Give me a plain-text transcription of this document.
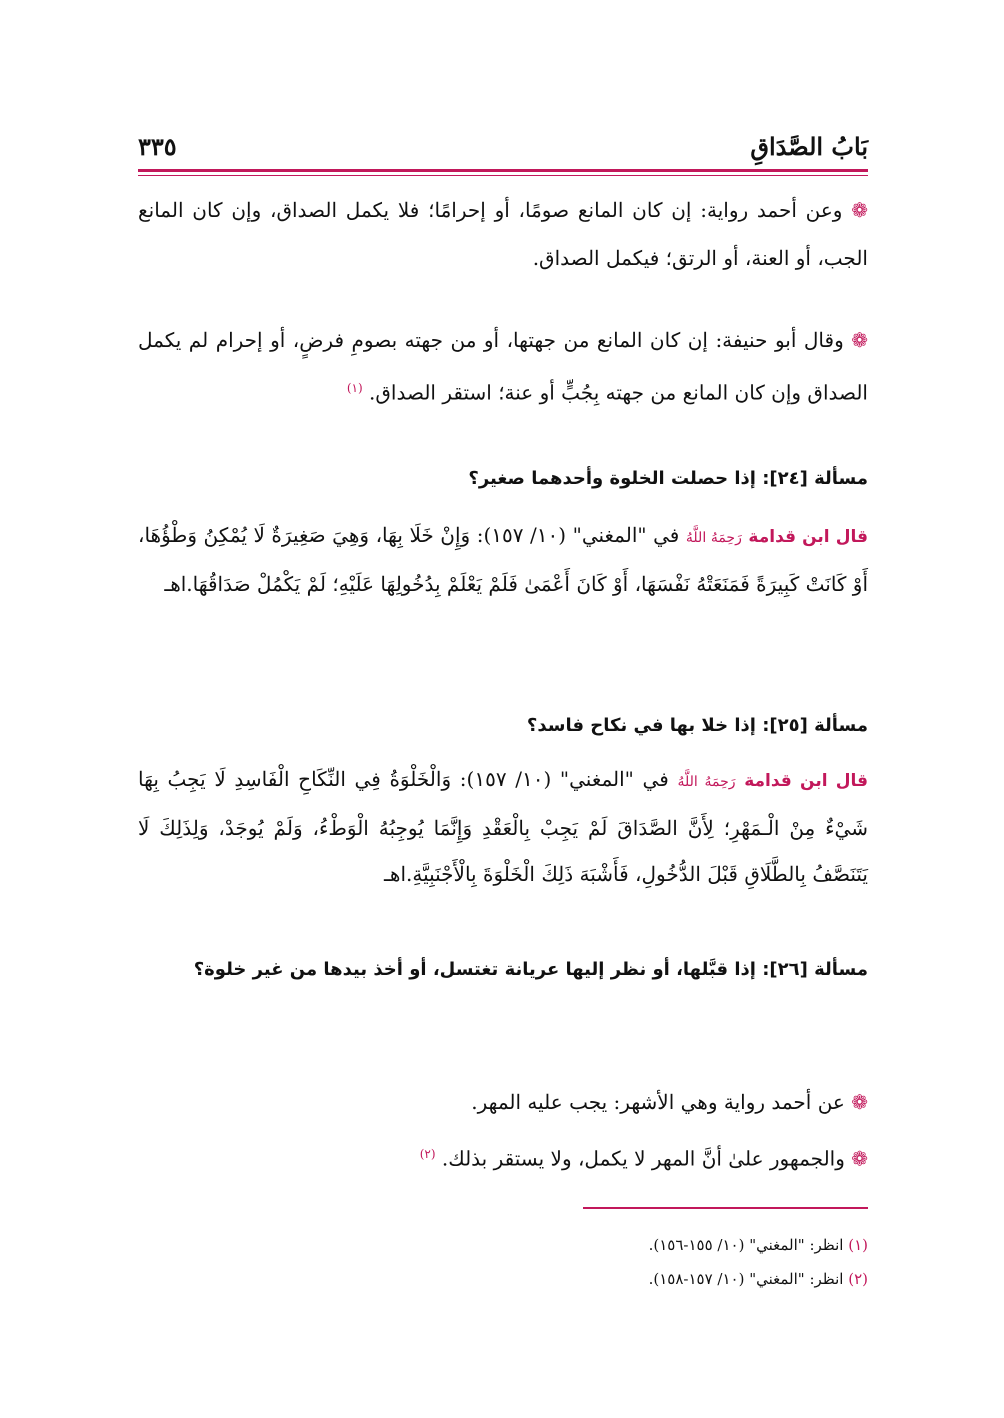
بَابُ الصَّدَاقِ
٣٣٥
❁ وعن أحمد رواية: إن كان المانع صومًا، أو إحرامًا؛ فلا يكمل الصداق، وإن كان المانع الجب، أو العنة، أو الرتق؛ فيكمل الصداق.
❁ وقال أبو حنيفة: إن كان المانع من جهتها، أو من جهته بصومِ فرضٍ، أو إحرام لم يكمل الصداق وإن كان المانع من جهته بِجُبٍّ أو عنة؛ استقر الصداق. $^{(١)}$
مسألة [٢٤]: إذا حصلت الخلوة وأحدهما صغير؟
قال ابن قدامة رَحِمَهُ اللَّهُ في "المغني" (١٠/ ١٥٧): وَإِنْ خَلَا بِهَا، وَهِيَ صَغِيرَةٌ لَا يُمْكِنُ وَطْؤُهَا، أَوْ كَانَتْ كَبِيرَةً فَمَنَعَتْهُ نَفْسَهَا، أَوْ كَانَ أَعْمَىٰ فَلَمْ يَعْلَمْ بِدُخُولِهَا عَلَيْهِ؛ لَمْ يَكْمُلْ صَدَاقُهَا.اهـ
مسألة [٢٥]: إذا خلا بها في نكاح فاسد؟
قال ابن قدامة رَحِمَهُ اللَّهُ في "المغني" (١٠/ ١٥٧): وَالْخَلْوَةُ فِي النِّكَاحِ الْفَاسِدِ لَا يَجِبُ بِهَا شَيْءٌ مِنْ الْـمَهْرِ؛ لِأَنَّ الصَّدَاقَ لَمْ يَجِبْ بِالْعَقْدِ وَإِنَّمَا يُوجِبُهُ الْوَطْءُ، وَلَمْ يُوجَدْ، وَلِذَلِكَ لَا يَتَنَصَّفُ بِالطَّلَاقِ قَبْلَ الدُّخُولِ، فَأَشْبَهَ ذَلِكَ الْخَلْوَةَ بِالْأَجْنَبِيَّةِ.اهـ
مسألة [٢٦]: إذا قبَّلها، أو نظر إليها عريانة تغتسل، أو أخذ بيدها من غير خلوة؟
❁ عن أحمد رواية وهي الأشهر: يجب عليه المهر.
❁ والجمهور علىٰ أنَّ المهر لا يكمل، ولا يستقر بذلك. $^{(٢)}$
(١) انظر: "المغني" (١٠/ ١٥٥-١٥٦).
(٢) انظر: "المغني" (١٠/ ١٥٧-١٥٨).
